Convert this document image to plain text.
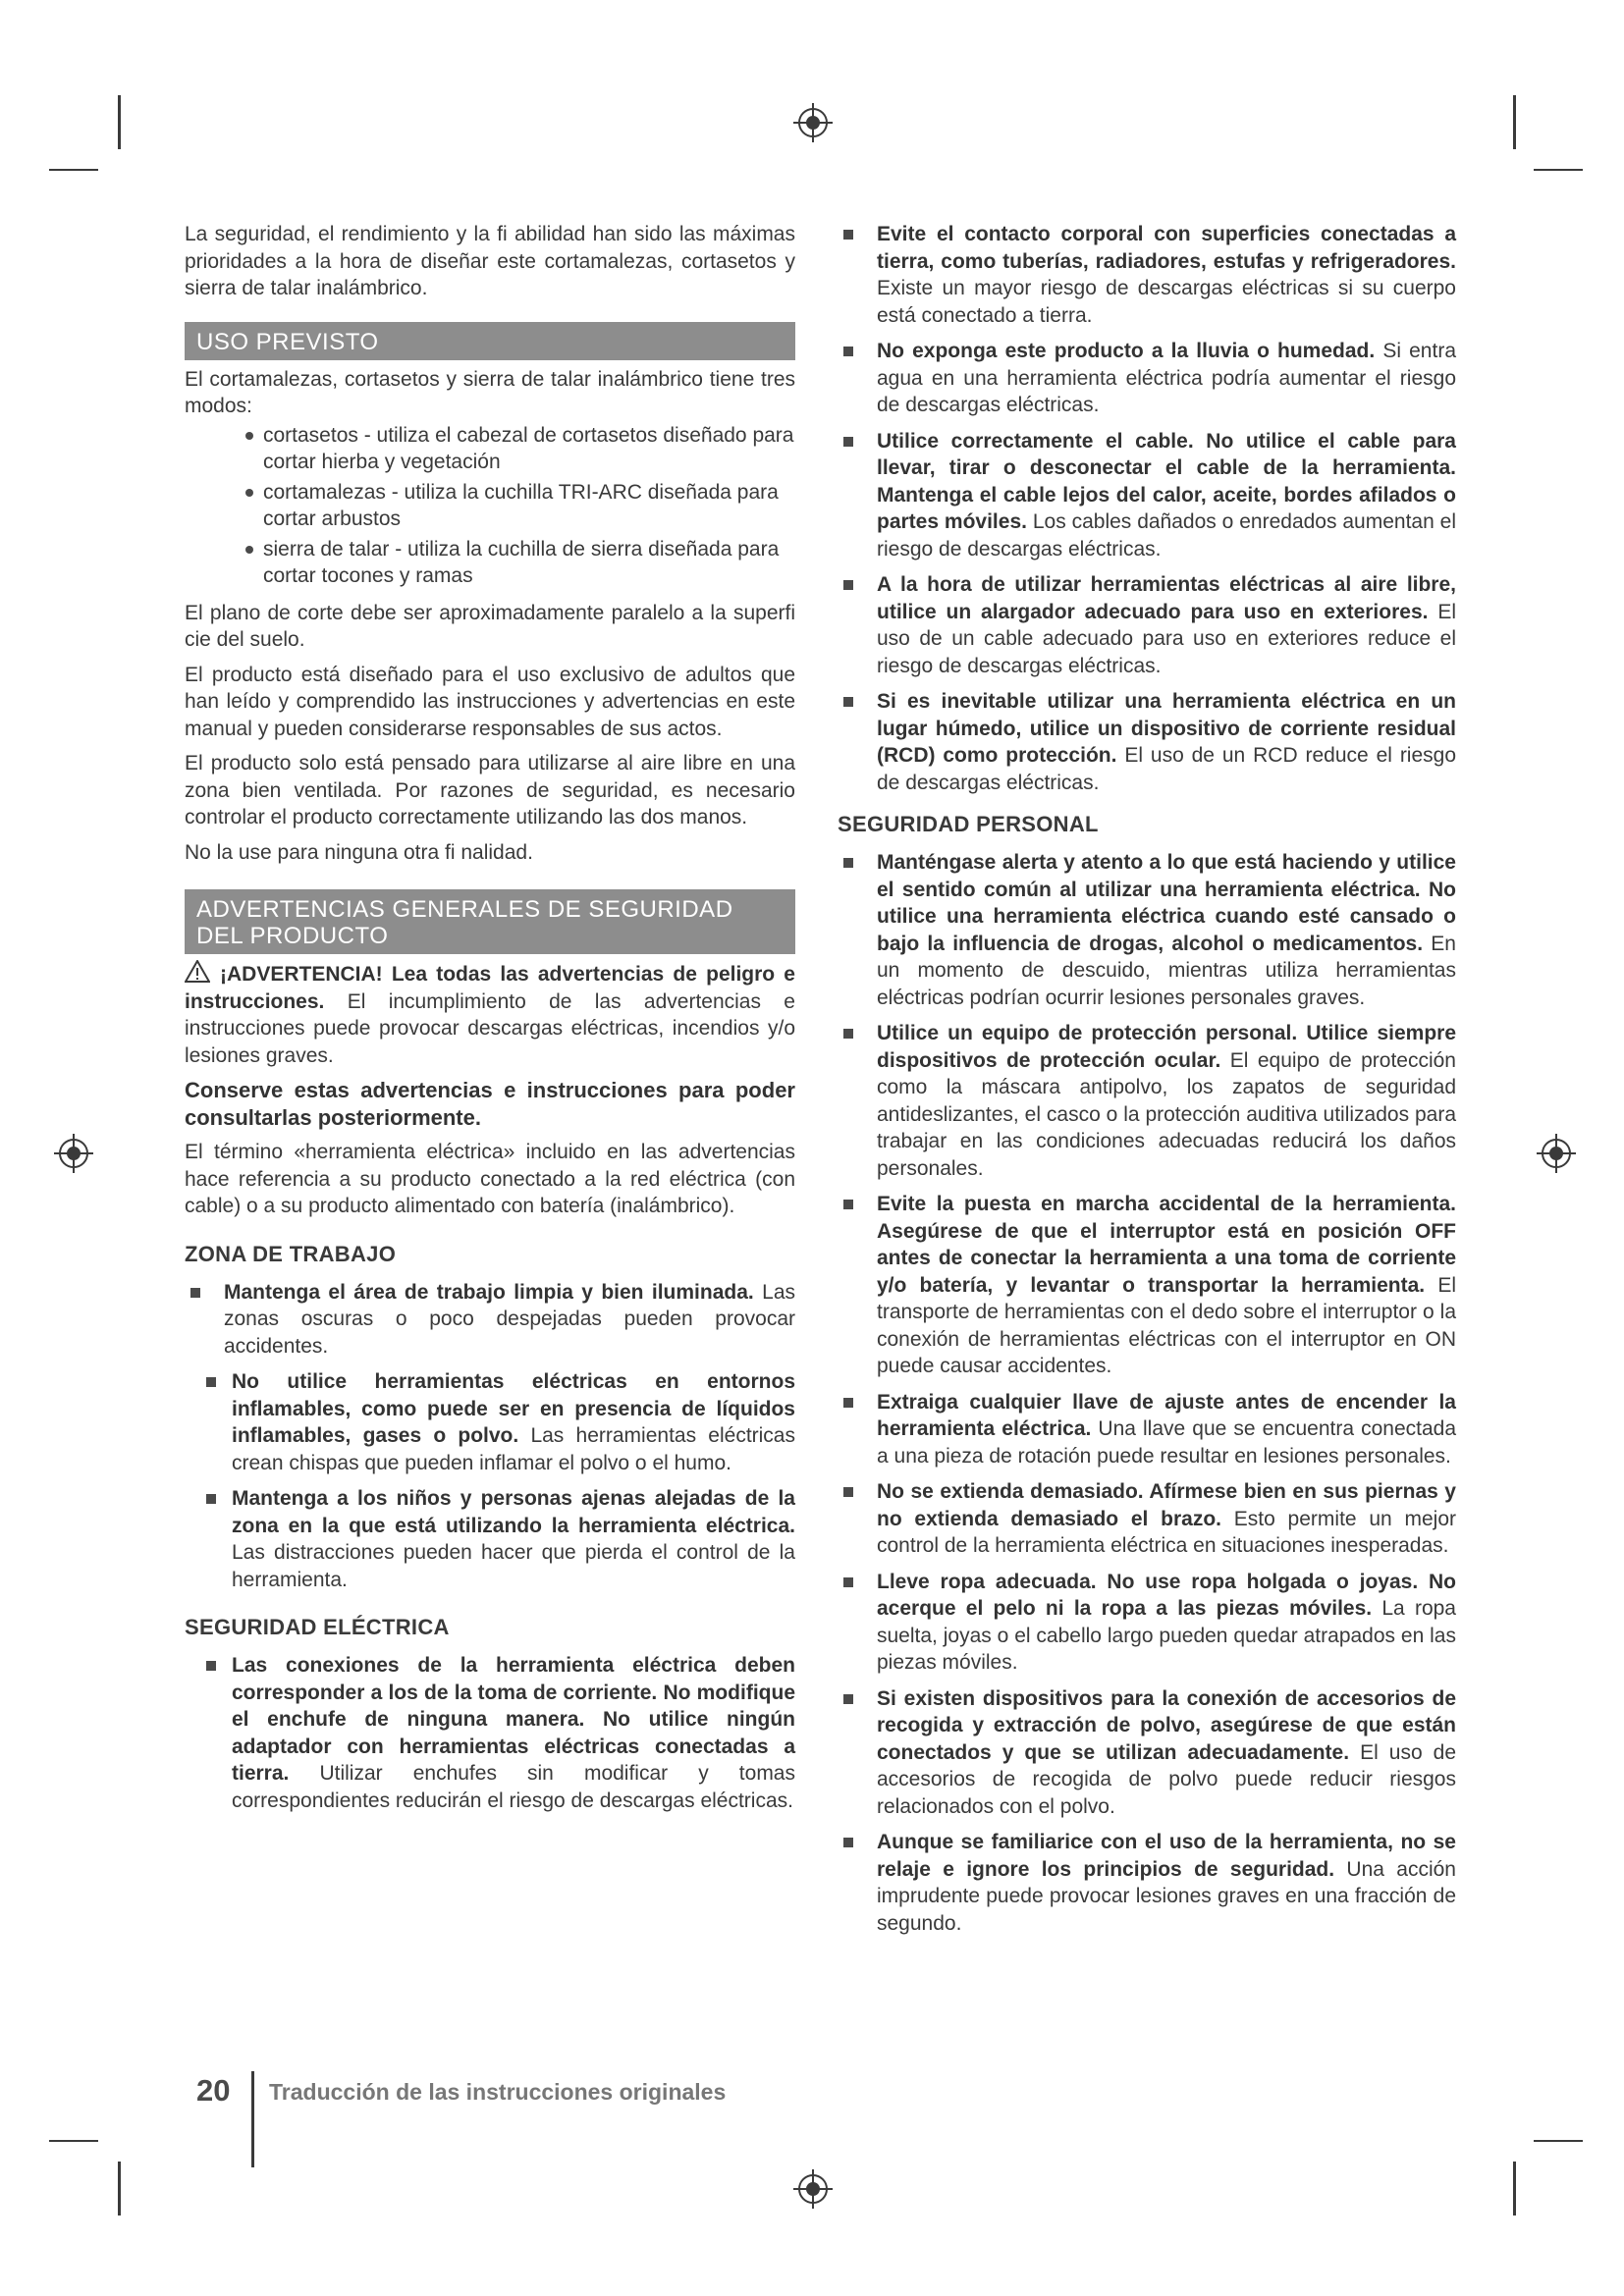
La seguridad, el rendimiento y la fi abilidad han sido las máximas prioridades a la hora de diseñar este cortamalezas, cortasetos y sierra de talar inalámbrico.

USO PREVISTO

El cortamalezas, cortasetos y sierra de talar inalámbrico tiene tres modos:

cortasetos - utiliza el cabezal de cortasetos diseñado para cortar hierba y vegetación
cortamalezas - utiliza la cuchilla TRI-ARC diseñada para cortar arbustos
sierra de talar - utiliza la cuchilla de sierra diseñada para cortar tocones y ramas

El plano de corte debe ser aproximadamente paralelo a la superfi cie del suelo.

El producto está diseñado para el uso exclusivo de adultos que han leído y comprendido las instrucciones y advertencias en este manual y pueden considerarse responsables de sus actos.

El producto solo está pensado para utilizarse al aire libre en una zona bien ventilada. Por razones de seguridad, es necesario controlar el producto correctamente utilizando las dos manos.

No la use para ninguna otra fi nalidad.

ADVERTENCIAS GENERALES DE SEGURIDAD DEL PRODUCTO

¡ADVERTENCIA! Lea todas las advertencias de peligro e instrucciones. El incumplimiento de las advertencias e instrucciones puede provocar descargas eléctricas, incendios y/o lesiones graves.

Conserve estas advertencias e instrucciones para poder consultarlas posteriormente.

El término «herramienta eléctrica» incluido en las advertencias hace referencia a su producto conectado a la red eléctrica (con cable) o a su producto alimentado con batería (inalámbrico).

ZONA DE TRABAJO
Mantenga el área de trabajo limpia y bien iluminada. Las zonas oscuras o poco despejadas pueden provocar accidentes.
No utilice herramientas eléctricas en entornos inflamables, como puede ser en presencia de líquidos inflamables, gases o polvo. Las herramientas eléctricas crean chispas que pueden inflamar el polvo o el humo.
Mantenga a los niños y personas ajenas alejadas de la zona en la que está utilizando la herramienta eléctrica. Las distracciones pueden hacer que pierda el control de la herramienta.
SEGURIDAD ELÉCTRICA
Las conexiones de la herramienta eléctrica deben corresponder a los de la toma de corriente. No modifique el enchufe de ninguna manera. No utilice ningún adaptador con herramientas eléctricas conectadas a tierra. Utilizar enchufes sin modificar y tomas correspondientes reducirán el riesgo de descargas eléctricas.
Evite el contacto corporal con superficies conectadas a tierra, como tuberías, radiadores, estufas y refrigeradores. Existe un mayor riesgo de descargas eléctricas si su cuerpo está conectado a tierra.
No exponga este producto a la lluvia o humedad. Si entra agua en una herramienta eléctrica podría aumentar el riesgo de descargas eléctricas.
Utilice correctamente el cable. No utilice el cable para llevar, tirar o desconectar el cable de la herramienta. Mantenga el cable lejos del calor, aceite, bordes afilados o partes móviles. Los cables dañados o enredados aumentan el riesgo de descargas eléctricas.
A la hora de utilizar herramientas eléctricas al aire libre, utilice un alargador adecuado para uso en exteriores. El uso de un cable adecuado para uso en exteriores reduce el riesgo de descargas eléctricas.
Si es inevitable utilizar una herramienta eléctrica en un lugar húmedo, utilice un dispositivo de corriente residual (RCD) como protección. El uso de un RCD reduce el riesgo de descargas eléctricas.
SEGURIDAD PERSONAL
Manténgase alerta y atento a lo que está haciendo y utilice el sentido común al utilizar una herramienta eléctrica. No utilice una herramienta eléctrica cuando esté cansado o bajo la influencia de drogas, alcohol o medicamentos. En un momento de descuido, mientras utiliza herramientas eléctricas podrían ocurrir lesiones personales graves.
Utilice un equipo de protección personal. Utilice siempre dispositivos de protección ocular. El equipo de protección como la máscara antipolvo, los zapatos de seguridad antideslizantes, el casco o la protección auditiva utilizados para trabajar en las condiciones adecuadas reducirá los daños personales.
Evite la puesta en marcha accidental de la herramienta. Asegúrese de que el interruptor está en posición OFF antes de conectar la herramienta a una toma de corriente y/o batería, y levantar o transportar la herramienta. El transporte de herramientas con el dedo sobre el interruptor o la conexión de herramientas eléctricas con el interruptor en ON puede causar accidentes.
Extraiga cualquier llave de ajuste antes de encender la herramienta eléctrica. Una llave que se encuentra conectada a una pieza de rotación puede resultar en lesiones personales.
No se extienda demasiado. Afírmese bien en sus piernas y no extienda demasiado el brazo. Esto permite un mejor control de la herramienta eléctrica en situaciones inesperadas.
Lleve ropa adecuada. No use ropa holgada o joyas. No acerque el pelo ni la ropa a las piezas móviles. La ropa suelta, joyas o el cabello largo pueden quedar atrapados en las piezas móviles.
Si existen dispositivos para la conexión de accesorios de recogida y extracción de polvo, asegúrese de que están conectados y que se utilizan adecuadamente. El uso de accesorios de recogida de polvo puede reducir riesgos relacionados con el polvo.
Aunque se familiarice con el uso de la herramienta, no se relaje e ignore los principios de seguridad. Una acción imprudente puede provocar lesiones graves en una fracción de segundo.
20 Traducción de las instrucciones originales
